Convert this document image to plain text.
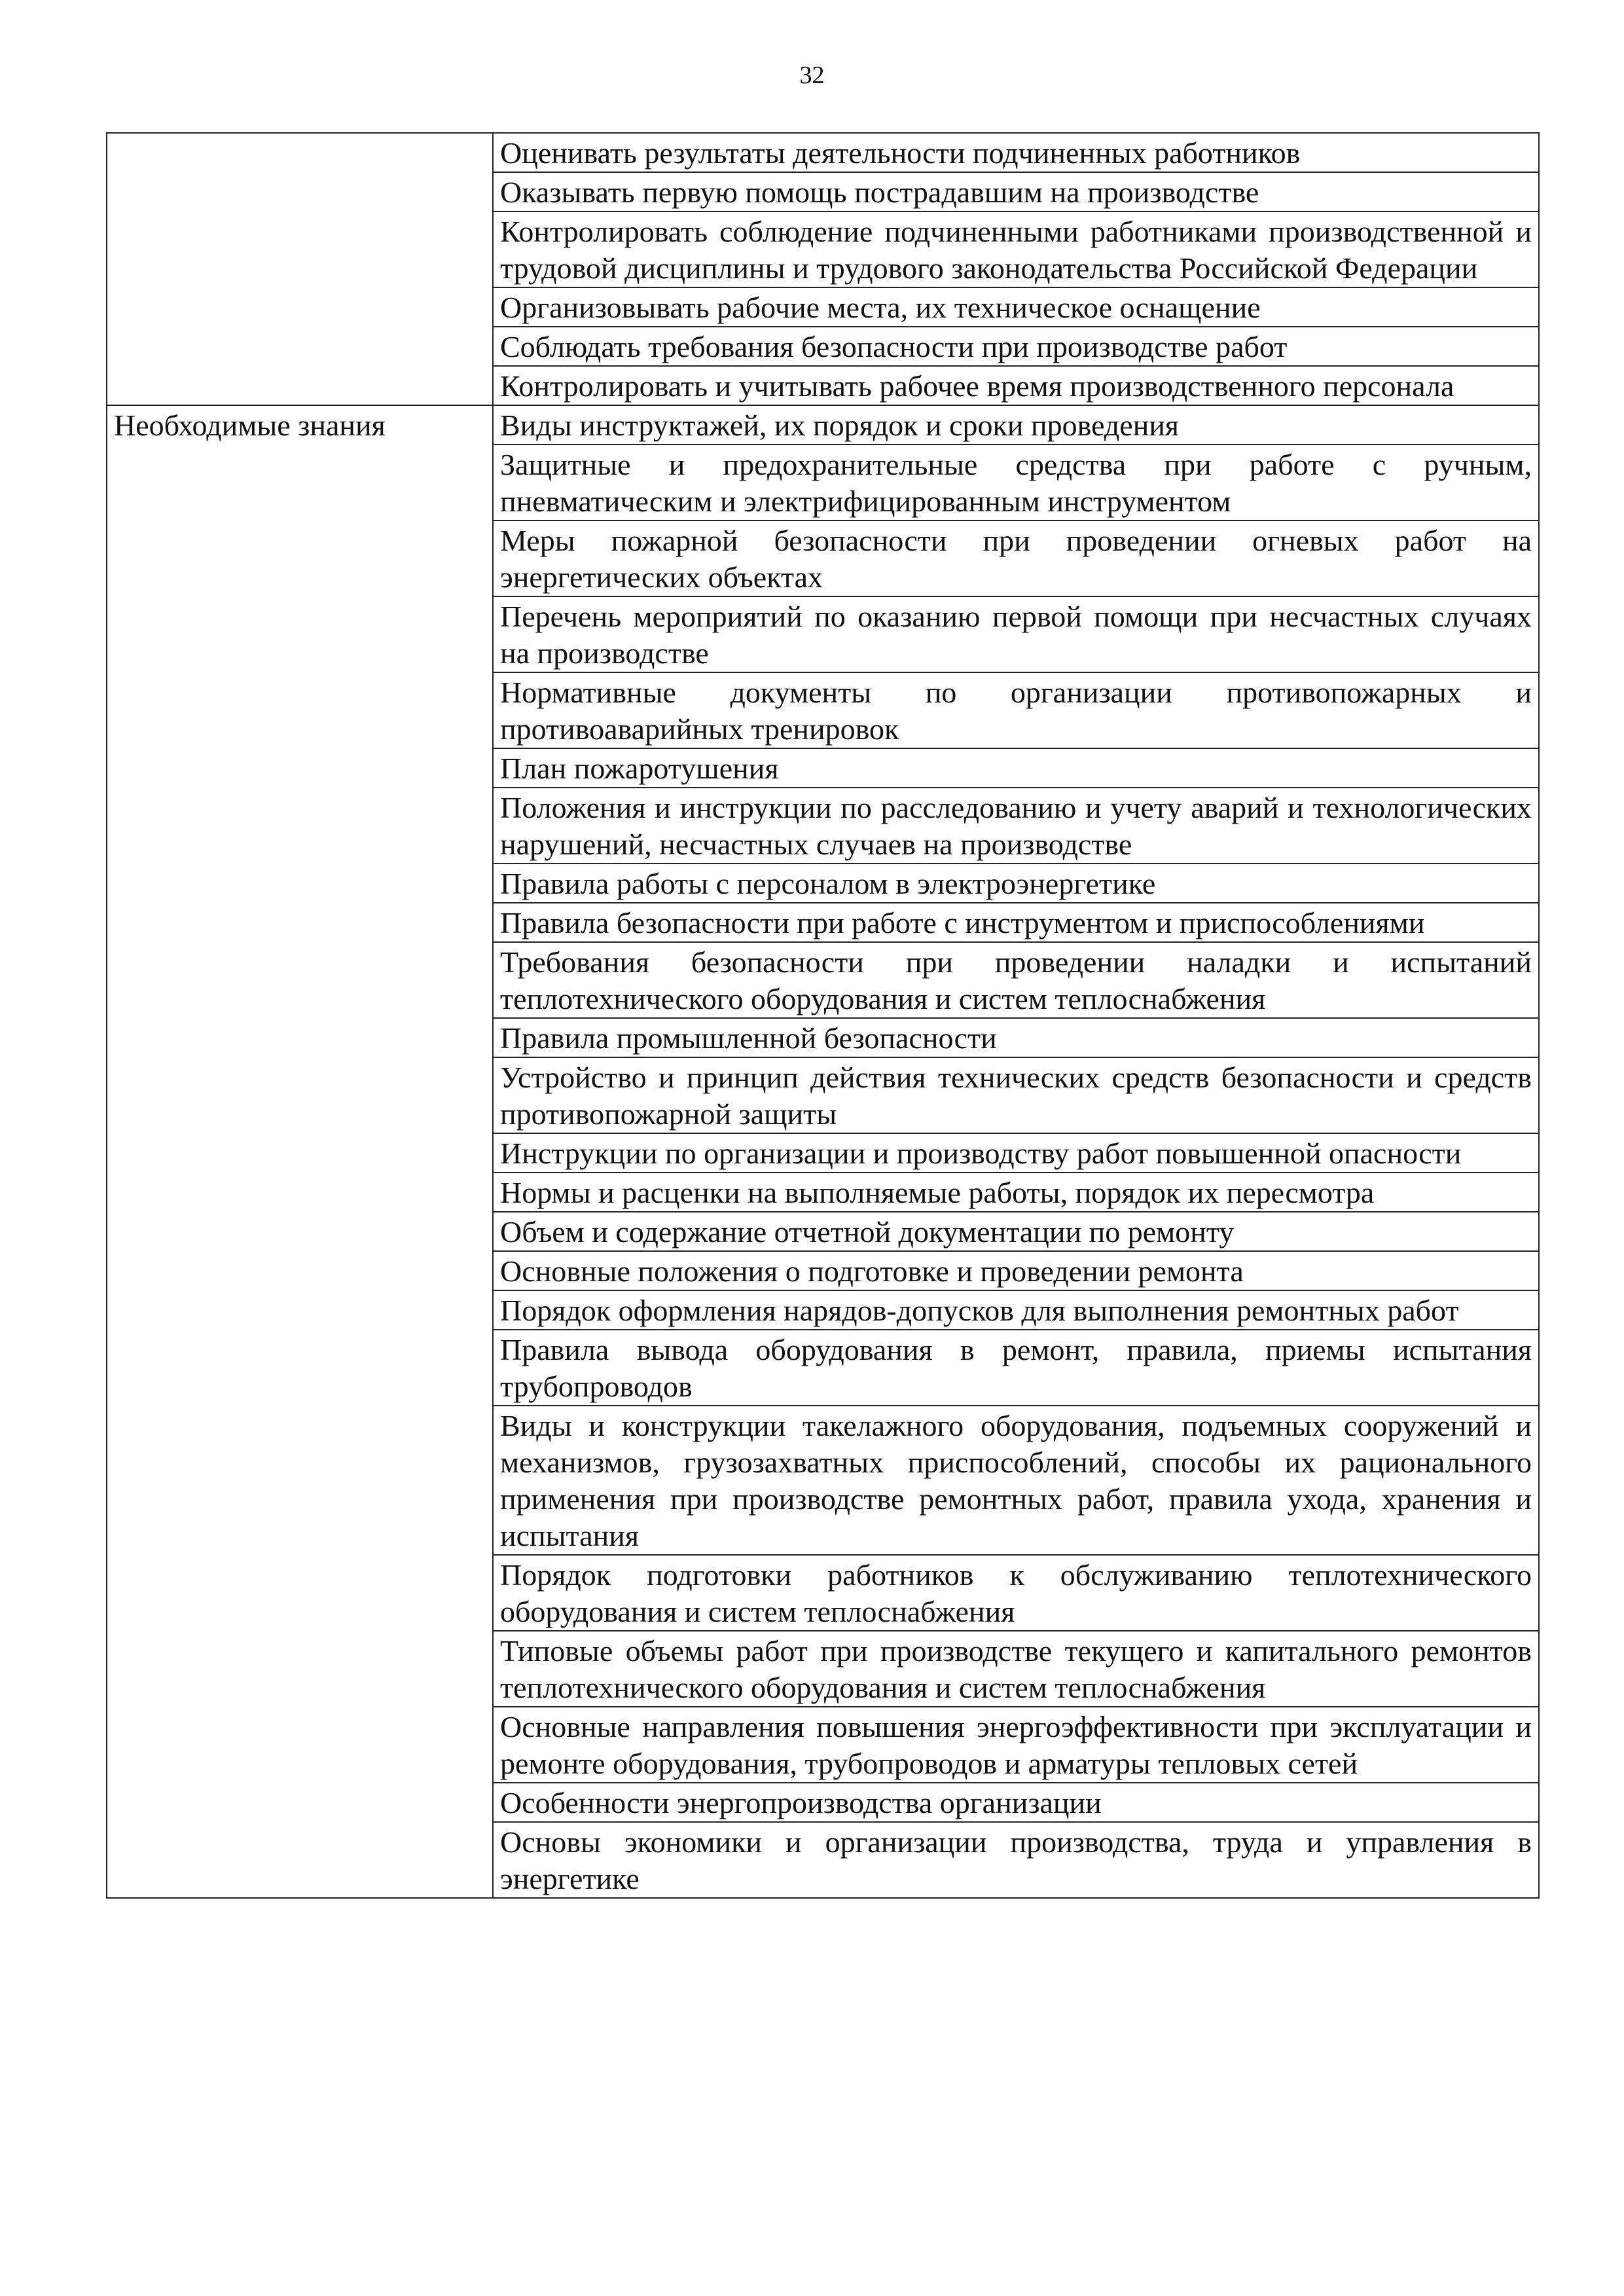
32
	Оценивать результаты деятельности подчиненных работников
	Оказывать первую помощь пострадавшим на производстве
	Контролировать соблюдение подчиненными работниками производственной и трудовой дисциплины и трудового законодательства Российской Федерации
	Организовывать рабочие места, их техническое оснащение
	Соблюдать требования безопасности при производстве работ
	Контролировать и учитывать рабочее время производственного персонала
Необходимые знания	Виды инструктажей, их порядок и сроки проведения
	Защитные и предохранительные средства при работе с ручным, пневматическим и электрифицированным инструментом
	Меры пожарной безопасности при проведении огневых работ на энергетических объектах
	Перечень мероприятий по оказанию первой помощи при несчастных случаях на производстве
	Нормативные документы по организации противопожарных и противоаварийных тренировок
	План пожаротушения
	Положения и инструкции по расследованию и учету аварий и технологических нарушений, несчастных случаев на производстве
	Правила работы с персоналом в электроэнергетике
	Правила безопасности при работе с инструментом и приспособлениями
	Требования безопасности при проведении наладки и испытаний теплотехнического оборудования и систем теплоснабжения
	Правила промышленной безопасности
	Устройство и принцип действия технических средств безопасности и средств противопожарной защиты
	Инструкции по организации и производству работ повышенной опасности
	Нормы и расценки на выполняемые работы, порядок их пересмотра
	Объем и содержание отчетной документации по ремонту
	Основные положения о подготовке и проведении ремонта
	Порядок оформления нарядов-допусков для выполнения ремонтных работ
	Правила вывода оборудования в ремонт, правила, приемы испытания трубопроводов
	Виды и конструкции такелажного оборудования, подъемных сооружений и механизмов, грузозахватных приспособлений, способы их рационального применения при производстве ремонтных работ, правила ухода, хранения и испытания
	Порядок подготовки работников к обслуживанию теплотехнического оборудования и систем теплоснабжения
	Типовые объемы работ при производстве текущего и капитального ремонтов теплотехнического оборудования и систем теплоснабжения
	Основные направления повышения энергоэффективности при эксплуатации и ремонте оборудования, трубопроводов и арматуры тепловых сетей
	Особенности энергопроизводства организации
	Основы экономики и организации производства, труда и управления в энергетике
